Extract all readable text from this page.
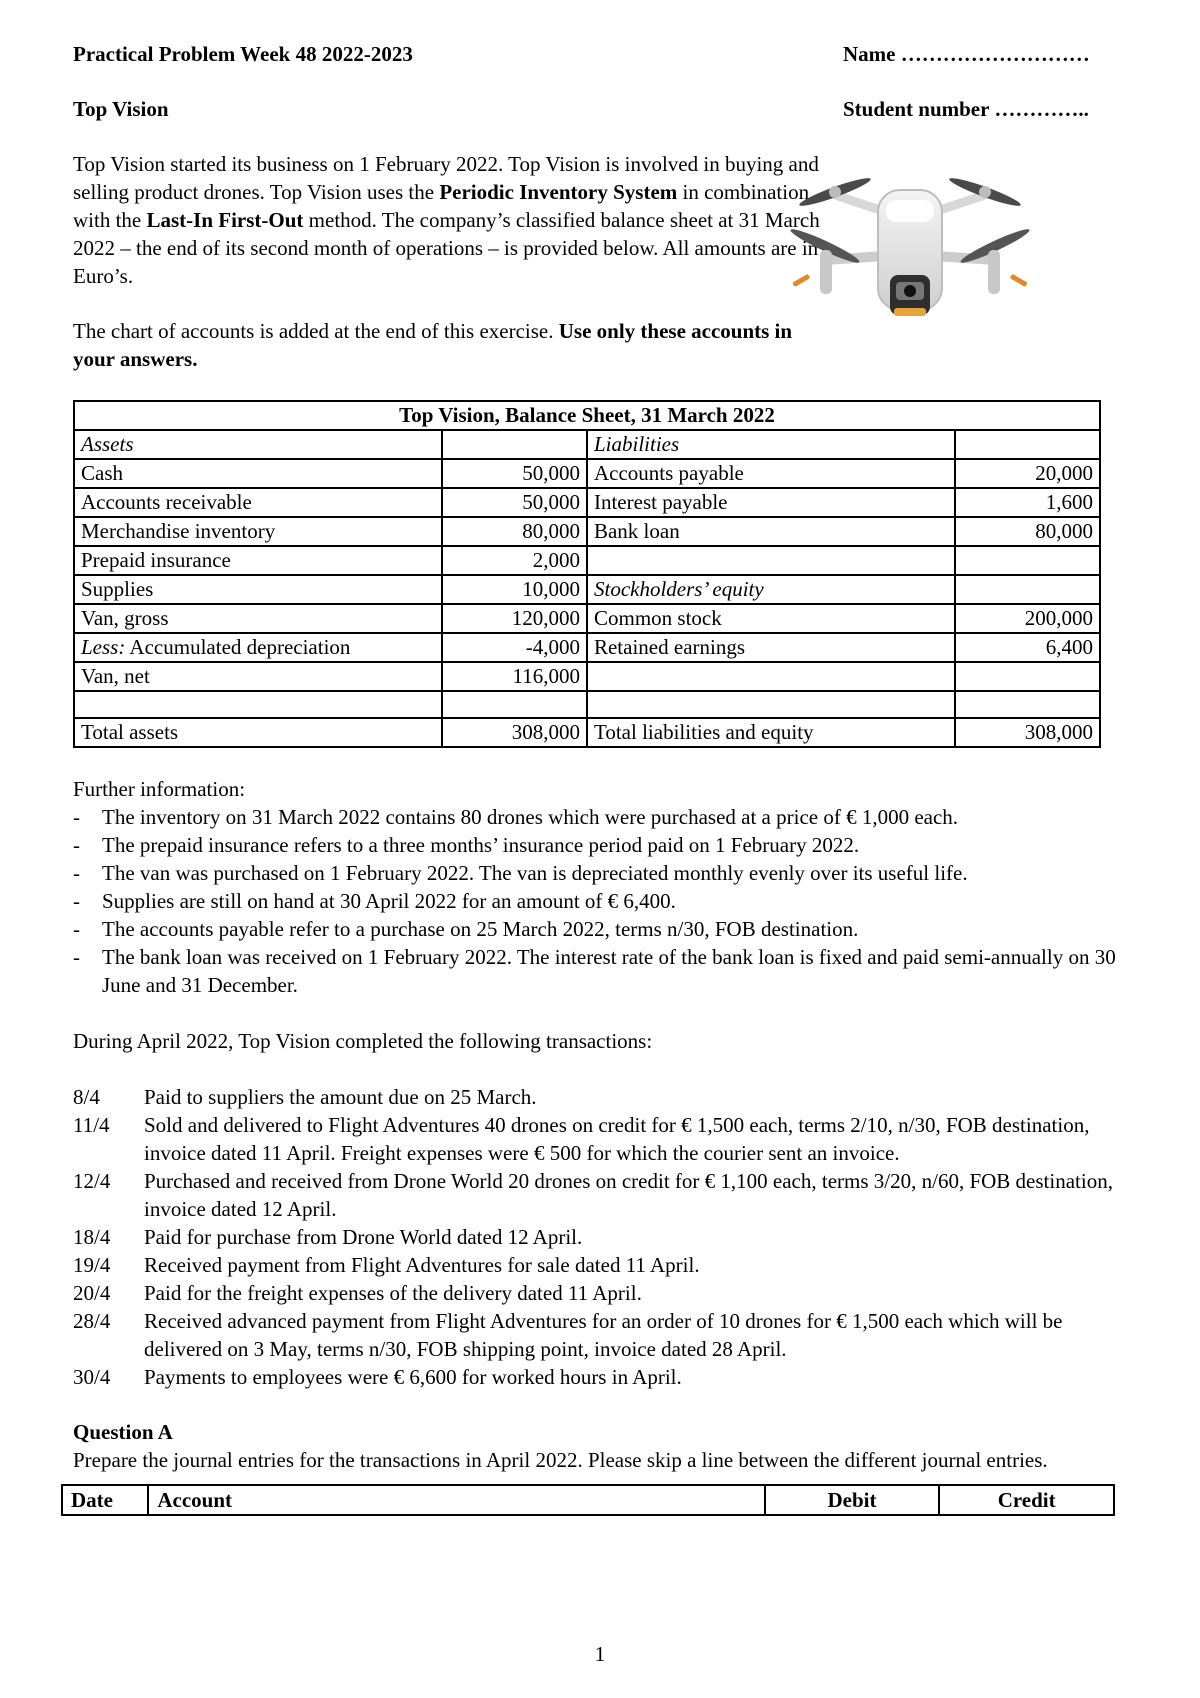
Practical Problem Week 48 2022-2023	Name ………………………
Top Vision	Student number …………..

Top Vision started its business on 1 February 2022. Top Vision is involved in buying and selling product drones. Top Vision uses the Periodic Inventory System in combination with the Last-In First-Out method. The company’s classified balance sheet at 31 March 2022 – the end of its second month of operations – is provided below. All amounts are in Euro’s.

The chart of accounts is added at the end of this exercise. Use only these accounts in your answers.

Top Vision, Balance Sheet, 31 March 2022			
Assets		Liabilities	
Cash	50,000	Accounts payable	20,000
Accounts receivable	50,000	Interest payable	1,600
Merchandise inventory	80,000	Bank loan	80,000
Prepaid insurance	2,000		
Supplies	10,000	Stockholders’ equity	
Van, gross	120,000	Common stock	200,000
Less: Accumulated depreciation	-4,000	Retained earnings	6,400
Van, net	116,000		

Total assets	308,000	Total liabilities and equity	308,000
Further information:
- The inventory on 31 March 2022 contains 80 drones which were purchased at a price of € 1,000 each.
- The prepaid insurance refers to a three months’ insurance period paid on 1 February 2022.
- The van was purchased on 1 February 2022. The van is depreciated monthly evenly over its useful life.
- Supplies are still on hand at 30 April 2022 for an amount of € 6,400.
- The accounts payable refer to a purchase on 25 March 2022, terms n/30, FOB destination.
- The bank loan was received on 1 February 2022. The interest rate of the bank loan is fixed and paid semi-annually on 30 June and 31 December.
During April 2022, Top Vision completed the following transactions:
8/4	Paid to suppliers the amount due on 25 March.
11/4	Sold and delivered to Flight Adventures 40 drones on credit for € 1,500 each, terms 2/10, n/30, FOB destination, invoice dated 11 April. Freight expenses were € 500 for which the courier sent an invoice.
12/4	Purchased and received from Drone World 20 drones on credit for € 1,100 each, terms 3/20, n/60, FOB destination, invoice dated 12 April.
18/4	Paid for purchase from Drone World dated 12 April.
19/4	Received payment from Flight Adventures for sale dated 11 April.
20/4	Paid for the freight expenses of the delivery dated 11 April.
28/4	Received advanced payment from Flight Adventures for an order of 10 drones for € 1,500 each which will be delivered on 3 May, terms n/30, FOB shipping point, invoice dated 28 April.
30/4	Payments to employees were € 6,600 for worked hours in April.
Question A
Prepare the journal entries for the transactions in April 2022. Please skip a line between the different journal entries.
Date	Account	Debit	Credit
1
